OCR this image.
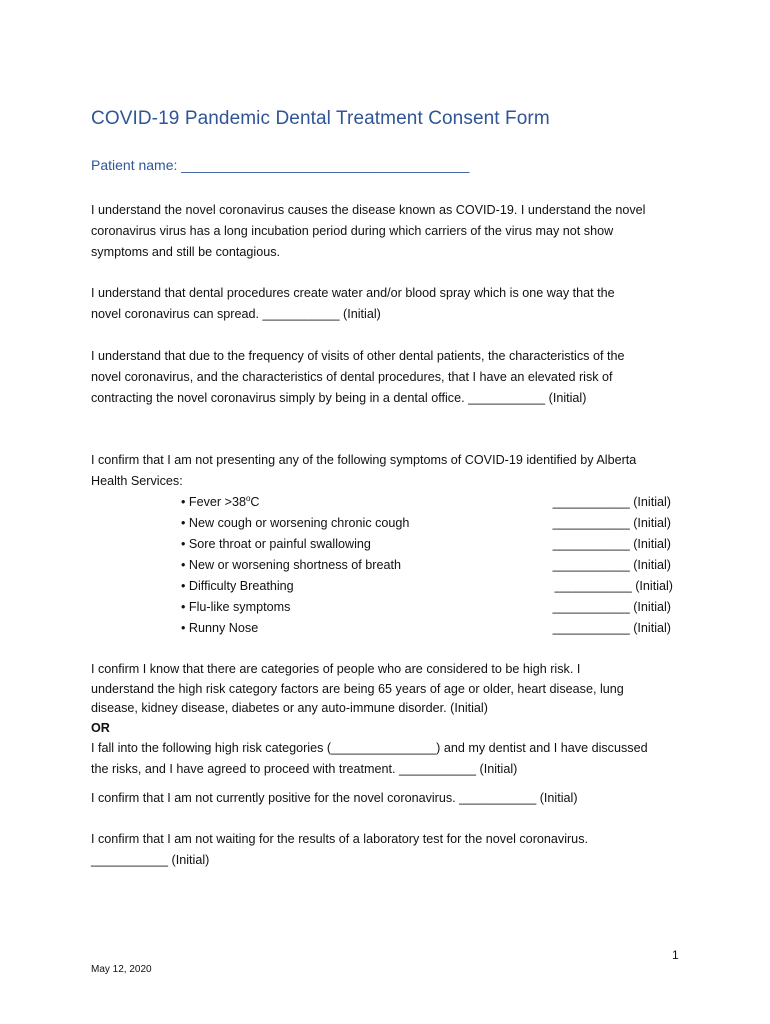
COVID-19 Pandemic Dental Treatment Consent Form
Patient name: _____________________________________

I understand the novel coronavirus causes the disease known as COVID-19. I understand the novel
coronavirus virus has a long incubation period during which carriers of the virus may not show
symptoms and still be contagious.

I understand that dental procedures create water and/or blood spray which is one way that the
novel coronavirus can spread. ___________ (Initial)

I understand that due to the frequency of visits of other dental patients, the characteristics of the
novel coronavirus, and the characteristics of dental procedures, that I have an elevated risk of
contracting the novel coronavirus simply by being in a dental office. ___________ (Initial)

I confirm that I am not presenting any of the following symptoms of COVID-19 identified by Alberta
Health Services:

• Fever $>38^oC$	___________ (Initial)
• New cough or worsening chronic cough	___________ (Initial)
• Sore throat or painful swallowing	___________ (Initial)
• New or worsening shortness of breath	___________ (Initial)
• Difficulty Breathing	___________ (Initial)
• Flu-like symptoms	___________ (Initial)
• Runny Nose	___________ (Initial)

I confirm I know that there are categories of people who are considered to be high risk. I
understand the high risk category factors are being 65 years of age or older, heart disease, lung
disease, kidney disease, diabetes or any auto-immune disorder. (Initial)
OR

I fall into the following high risk categories (_______________) and my dentist and I have discussed
the risks, and I have agreed to proceed with treatment. ___________ (Initial)

I confirm that I am not currently positive for the novel coronavirus. ___________ (Initial)

I confirm that I am not waiting for the results of a laboratory test for the novel coronavirus.
___________ (Initial)

1
May 12, 2020
